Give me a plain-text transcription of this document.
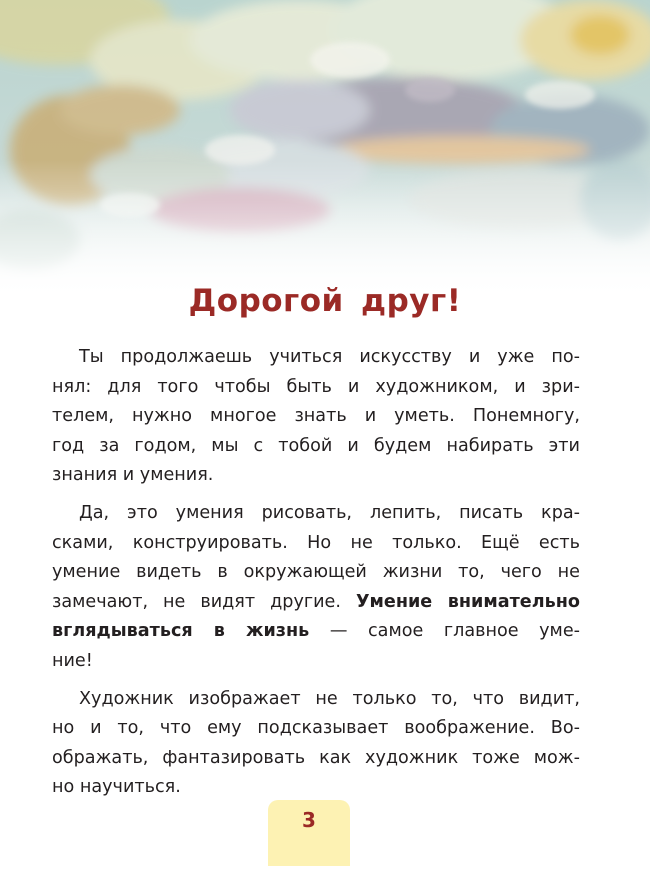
Дорогой друг!
Ты продолжаешь учиться искусству и уже по-
нял: для того чтобы быть и художником, и зри-
телем, нужно многое знать и уметь. Понемногу,
год за годом, мы с тобой и будем набирать эти
знания и умения.
Да, это умения рисовать, лепить, писать кра-
сками, конструировать. Но не только. Ещё есть
умение видеть в окружающей жизни то, чего не
замечают, не видят другие. Умение внимательно
вглядываться в жизнь — самое главное уме-
ние!
Художник изображает не только то, что видит,
но и то, что ему подсказывает воображение. Во-
ображать, фантазировать как художник тоже мож-
но научиться.
3
